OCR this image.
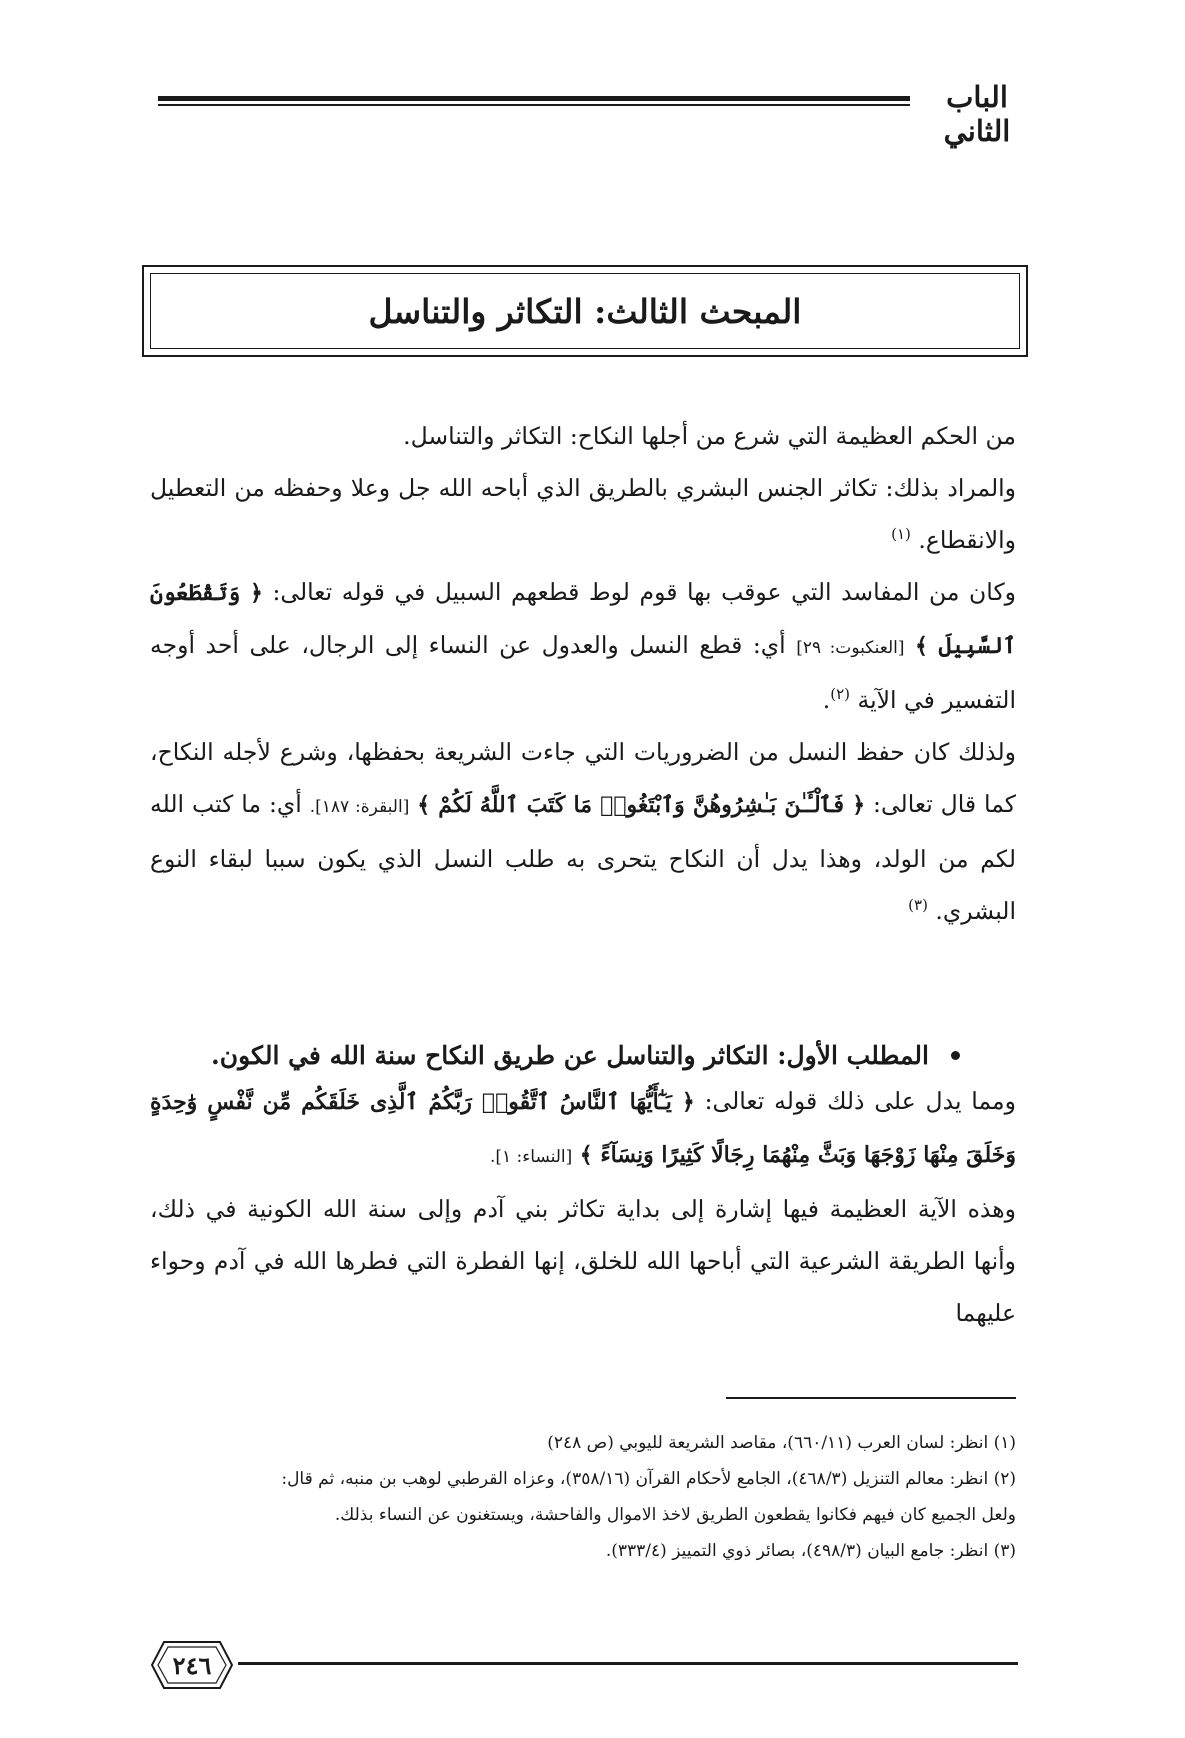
الباب الثاني
المبحث الثالث: التكاثر والتناسل

من الحكم العظيمة التي شرع من أجلها النكاح: التكاثر والتناسل.

والمراد بذلك: تكاثر الجنس البشري بالطريق الذي أباحه الله جل وعلا وحفظه من التعطيل والانقطاع. $^{(١)}$

وكان من المفاسد التي عوقب بها قوم لوط قطعهم السبيل في قوله تعالى: ﴿ وَتَقْطَعُونَ ٱلسَّبِيلَ ﴾ [العنكبوت: ٢٩] أي: قطع النسل والعدول عن النساء إلى الرجال، على أحد أوجه التفسير في الآية $^{(٢)}$.

ولذلك كان حفظ النسل من الضروريات التي جاءت الشريعة بحفظها، وشرع لأجله النكاح، كما قال تعالى: ﴿ فَٱلْـَٔـٰنَ بَـٰشِرُوهُنَّ وَٱبْتَغُوا۟ مَا كَتَبَ ٱللَّهُ لَكُمْ ﴾ [البقرة: ١٨٧]. أي: ما كتب الله لكم من الولد، وهذا يدل أن النكاح يتحرى به طلب النسل الذي يكون سببا لبقاء النوع البشري. $^{(٣)}$

المطلب الأول: التكاثر والتناسل عن طريق النكاح سنة الله في الكون.

ومما يدل على ذلك قوله تعالى: ﴿ يَـٰٓأَيُّهَا ٱلنَّاسُ ٱتَّقُوا۟ رَبَّكُمُ ٱلَّذِى خَلَقَكُم مِّن نَّفْسٍ وَٰحِدَةٍ وَخَلَقَ مِنْهَا زَوْجَهَا وَبَثَّ مِنْهُمَا رِجَالًا كَثِيرًا وَنِسَآءً ﴾ [النساء: ١].

وهذه الآية العظيمة فيها إشارة إلى بداية تكاثر بني آدم وإلى سنة الله الكونية في ذلك، وأنها الطريقة الشرعية التي أباحها الله للخلق، إنها الفطرة التي فطرها الله في آدم وحواء عليهما

(١) انظر: لسان العرب (٦٦٠/١١)، مقاصد الشريعة لليوبي (ص ٢٤٨)

(٢) انظر: معالم التنزيل (٤٦٨/٣)، الجامع لأحكام القرآن (٣٥٨/١٦)، وعزاه القرطبي لوهب بن منبه، ثم قال:

ولعل الجميع كان فيهم فكانوا يقطعون الطريق لاخذ الاموال والفاحشة، ويستغنون عن النساء بذلك.

(٣) انظر: جامع البيان (٤٩٨/٣)، بصائر ذوي التمييز (٣٣٣/٤).

٢٤٦
